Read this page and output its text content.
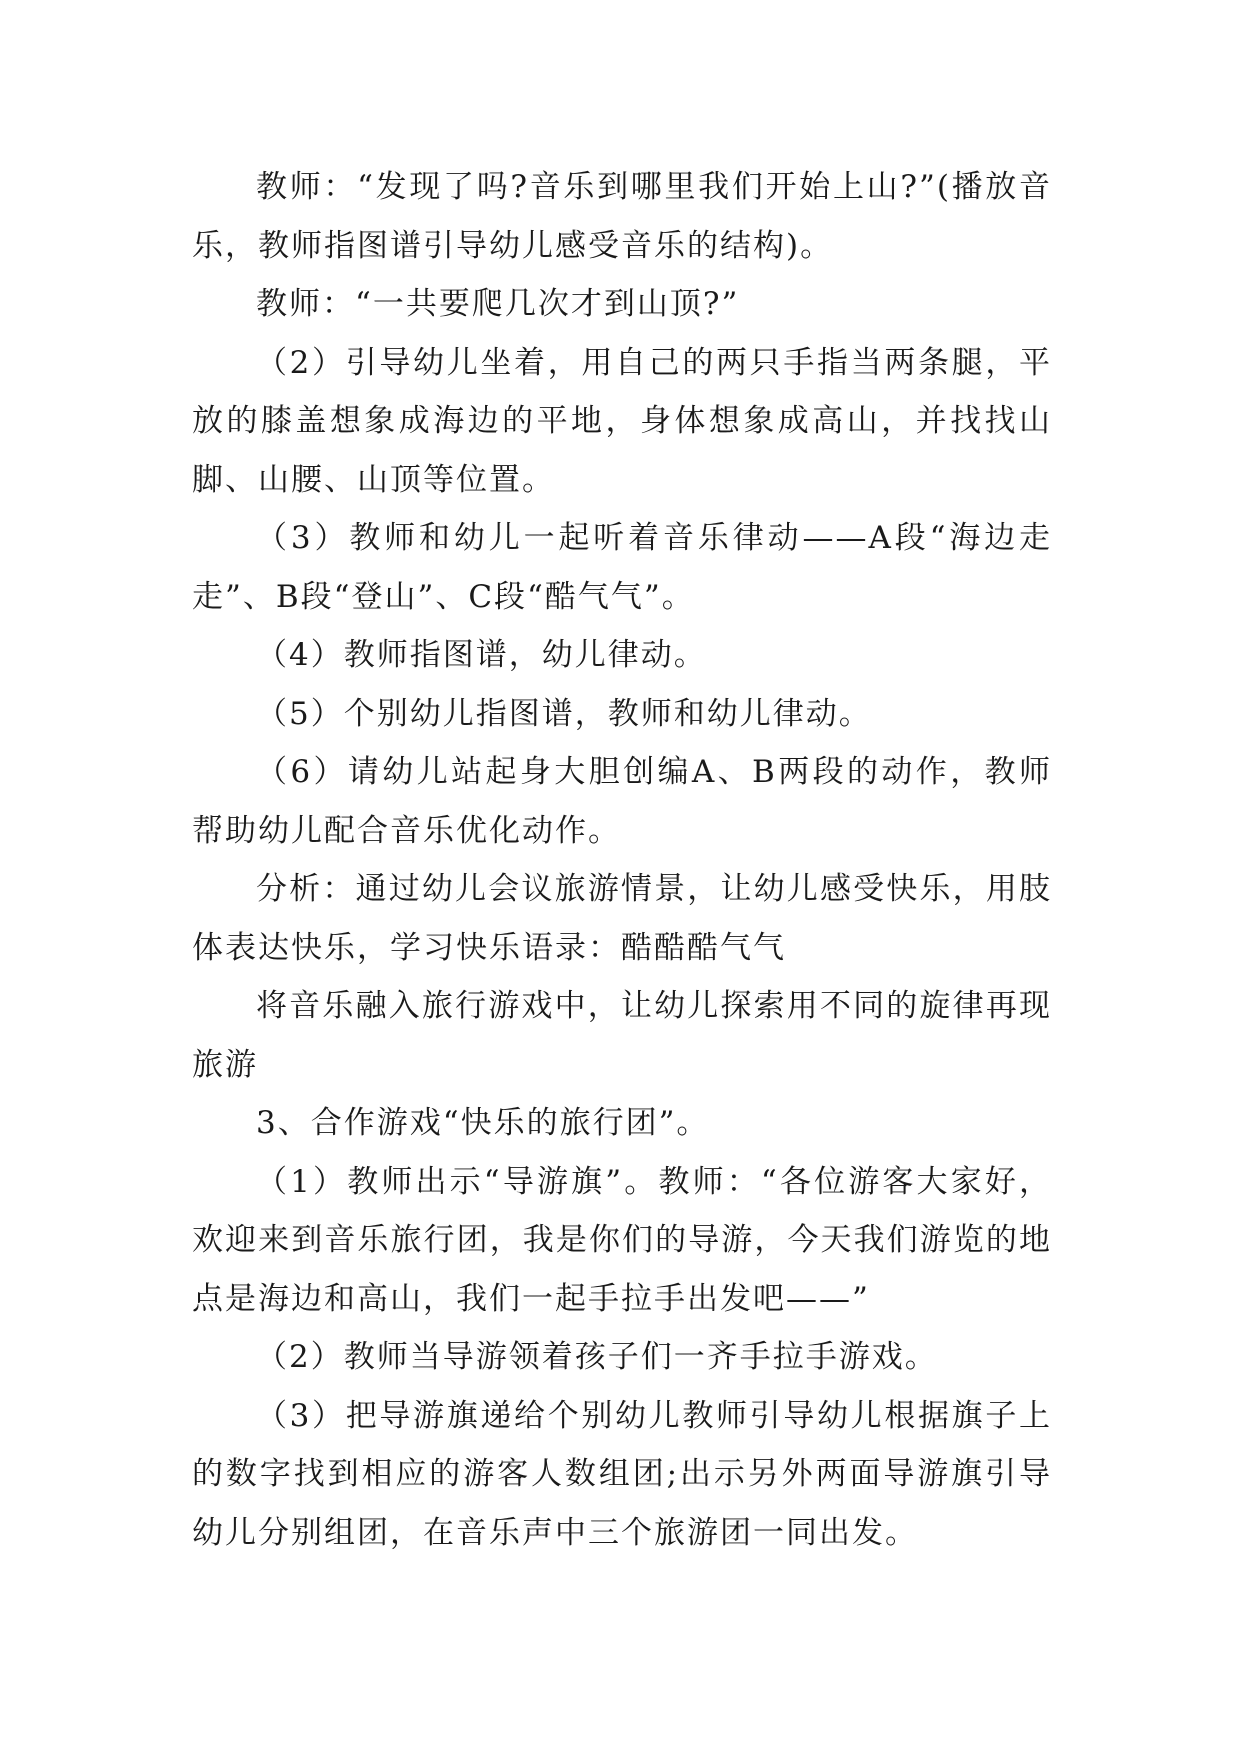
教师：“发现了吗?音乐到哪里我们开始上山?”(播放音乐，教师指图谱引导幼儿感受音乐的结构)。

教师：“一共要爬几次才到山顶?”

（2）引导幼儿坐着，用自己的两只手指当两条腿，平放的膝盖想象成海边的平地，身体想象成高山，并找找山脚、山腰、山顶等位置。

（3）教师和幼儿一起听着音乐律动——A段“海边走走”、B段“登山”、C段“酷气气”。

（4）教师指图谱，幼儿律动。

（5）个别幼儿指图谱，教师和幼儿律动。

（6）请幼儿站起身大胆创编A、B两段的动作，教师帮助幼儿配合音乐优化动作。

分析：通过幼儿会议旅游情景，让幼儿感受快乐，用肢体表达快乐，学习快乐语录：酷酷酷气气

将音乐融入旅行游戏中，让幼儿探索用不同的旋律再现旅游

3、合作游戏“快乐的旅行团”。

（1）教师出示“导游旗”。教师：“各位游客大家好，欢迎来到音乐旅行团，我是你们的导游，今天我们游览的地点是海边和高山，我们一起手拉手出发吧——”

（2）教师当导游领着孩子们一齐手拉手游戏。

（3）把导游旗递给个别幼儿教师引导幼儿根据旗子上的数字找到相应的游客人数组团;出示另外两面导游旗引导幼儿分别组团，在音乐声中三个旅游团一同出发。
